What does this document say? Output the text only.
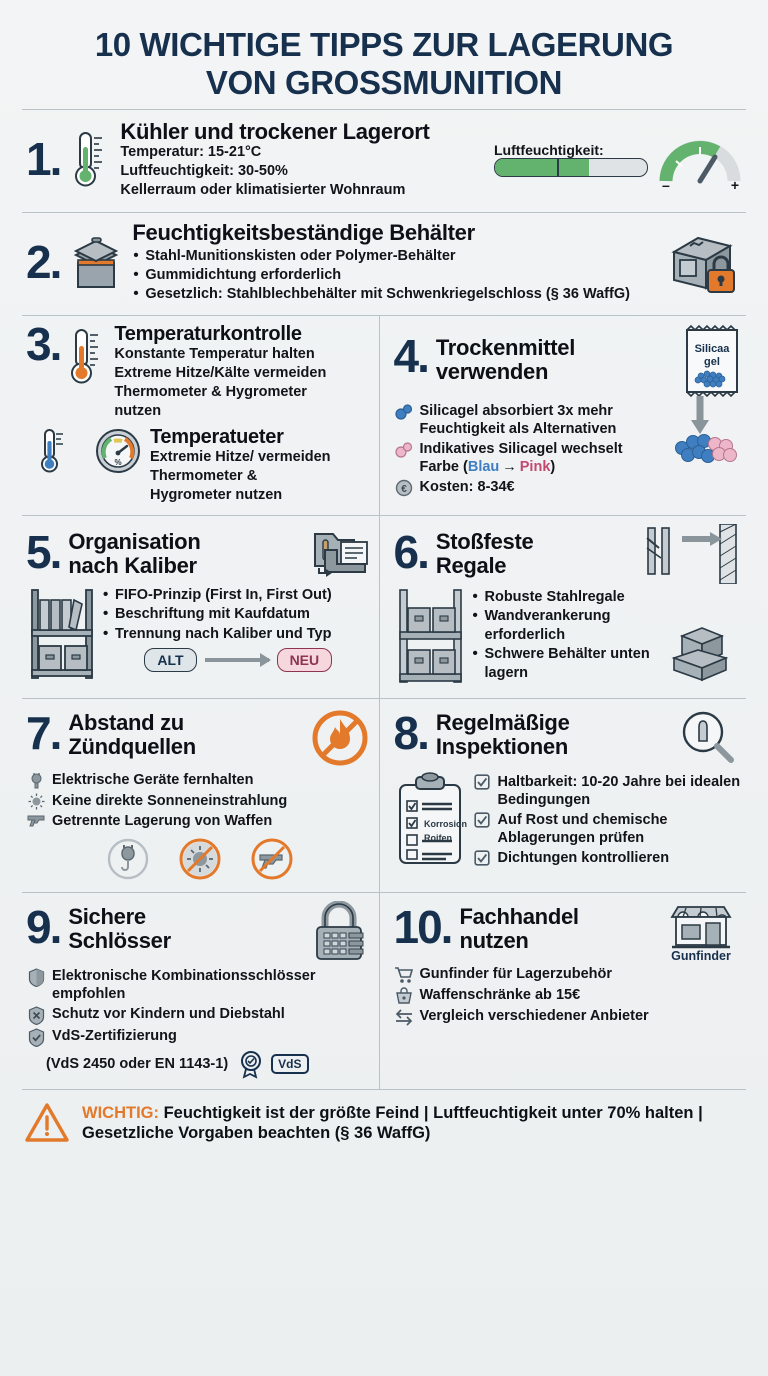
10 WICHTIGE TIPPS ZUR LAGERUNG
VON GROSSMUNITION
1.
Kühler und trockener Lagerort
Temperatur: 15-21°C
Luftfeuchtigkeit: 30-50%
Kellerraum oder klimatisierter Wohnraum
Luftfeuchtigkeit:
–	+
2.
Feuchtigkeitsbeständige Behälter
• Stahl-Munitionskisten oder Polymer-Behälter
• Gummidichtung erforderlich
• Gesetzlich: Stahlblechbehälter mit Schwenkriegelschloss (§ 36 WaffG)
3.	Temperaturkontrolle
Konstante Temperatur halten
Extreme Hitze/Kälte vermeiden
Thermometer & Hygrometer
nutzen
%
Temperatueter
Extremie Hitze/ vermeiden
Thermometer &
Hygrometer nutzen
4. Trockenmittel
verwenden
Silicaa
gel
Silicagel absorbiert 3x mehr Feuchtigkeit als Alternativen
Indikatives Silicagel wechselt Farbe (Blau → Pink)
€ Kosten: 8-34€
5. Organisation
nach Kaliber
• FIFO-Prinzip (First In, First Out)
• Beschriftung mit Kaufdatum
• Trennung nach Kaliber und Typ
ALT	NEU
6. Stoßfeste
Regale
• Robuste Stahlregale
• Wandverankerung erforderlich
• Schwere Behälter unten lagern
7. Abstand zu
Zündquellen
Elektrische Geräte fernhalten
Keine direkte Sonneneinstrahlung
Getrennte Lagerung von Waffen
8. Regelmäßige
Inspektionen
Korrosion
Roifen
Haltbarkeit: 10-20 Jahre bei idealen Bedingungen
Auf Rost und chemische Ablagerungen prüfen
Dichtungen kontrollieren
9. Sichere
Schlösser
Elektronische Kombinationsschlösser empfohlen
Schutz vor Kindern und Diebstahl
VdS-Zertifizierung
(VdS 2450 oder EN 1143-1)	VdS
10. Fachhandel
nutzen
Gunfinder
Gunfinder für Lagerzubehör
Waffenschränke ab 15€
Vergleich verschiedener Anbieter
WICHTIG: Feuchtigkeit ist der größte Feind | Luftfeuchtigkeit unter 70% halten | Gesetzliche Vorgaben beachten (§ 36 WaffG)
